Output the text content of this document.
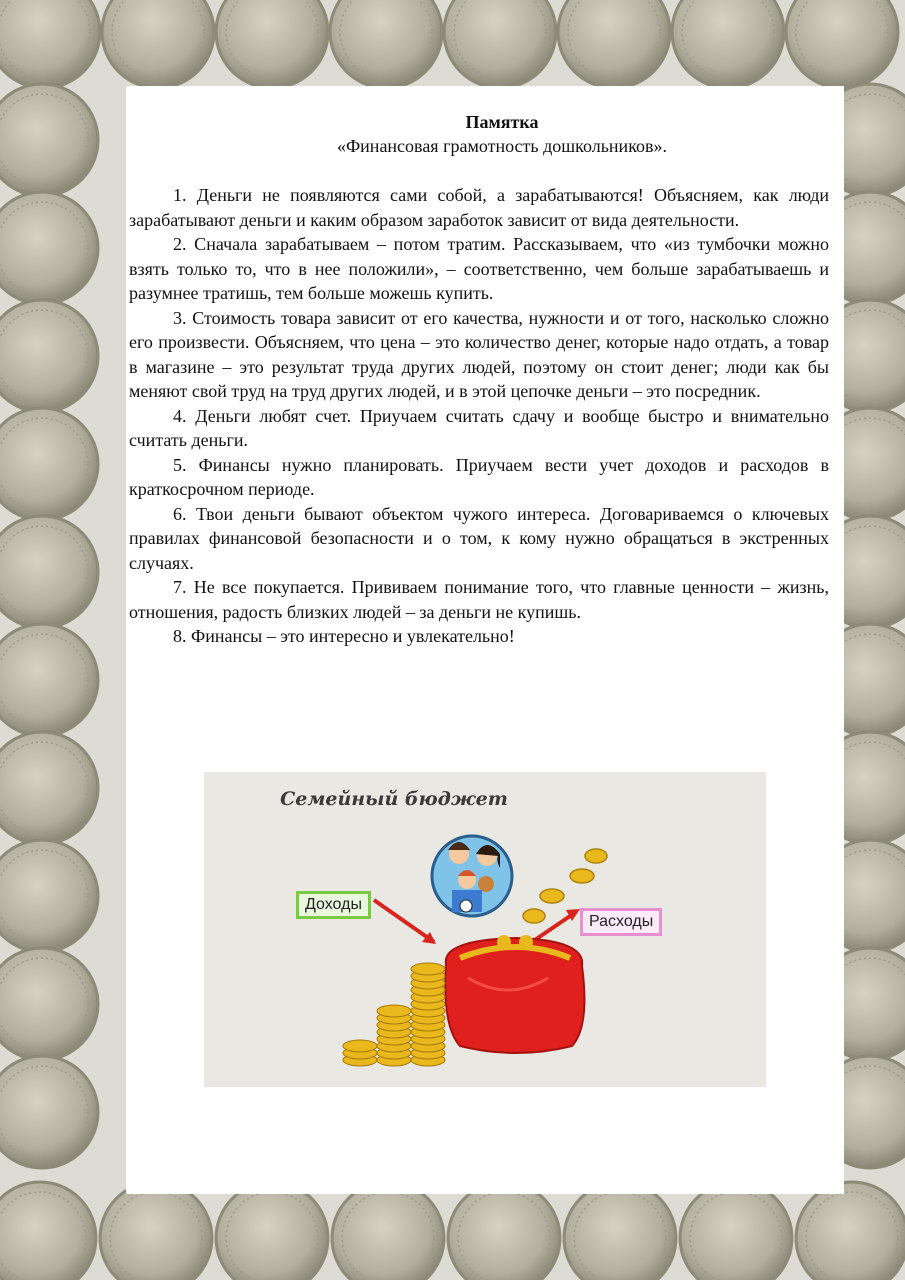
Памятка
«Финансовая грамотность дошкольников».

1. Деньги не появляются сами собой, а зарабатываются! Объясняем, как люди зарабатывают деньги и каким образом заработок зависит от вида деятельности.

2. Сначала зарабатываем – потом тратим. Рассказываем, что «из тумбочки можно взять только то, что в нее положили», – соответственно, чем больше зарабатываешь и разумнее тратишь, тем больше можешь купить.

3. Стоимость товара зависит от его качества, нужности и от того, насколько сложно его произвести. Объясняем, что цена – это количество денег, которые надо отдать, а товар в магазине – это результат труда других людей, поэтому он стоит денег; люди как бы меняют свой труд на труд других людей, и в этой цепочке деньги – это посредник.

4. Деньги любят счет. Приучаем считать сдачу и вообще быстро и внимательно считать деньги.

5. Финансы нужно планировать. Приучаем вести учет доходов и расходов в краткосрочном периоде.

6. Твои деньги бывают объектом чужого интереса. Договариваемся о ключевых правилах финансовой безопасности и о том, к кому нужно обращаться в экстренных случаях.

7. Не все покупается. Прививаем понимание того, что главные ценности – жизнь, отношения, радость близких людей – за деньги не купишь.

8. Финансы – это интересно и увлекательно!

Семейный бюджет
Доходы
Расходы
